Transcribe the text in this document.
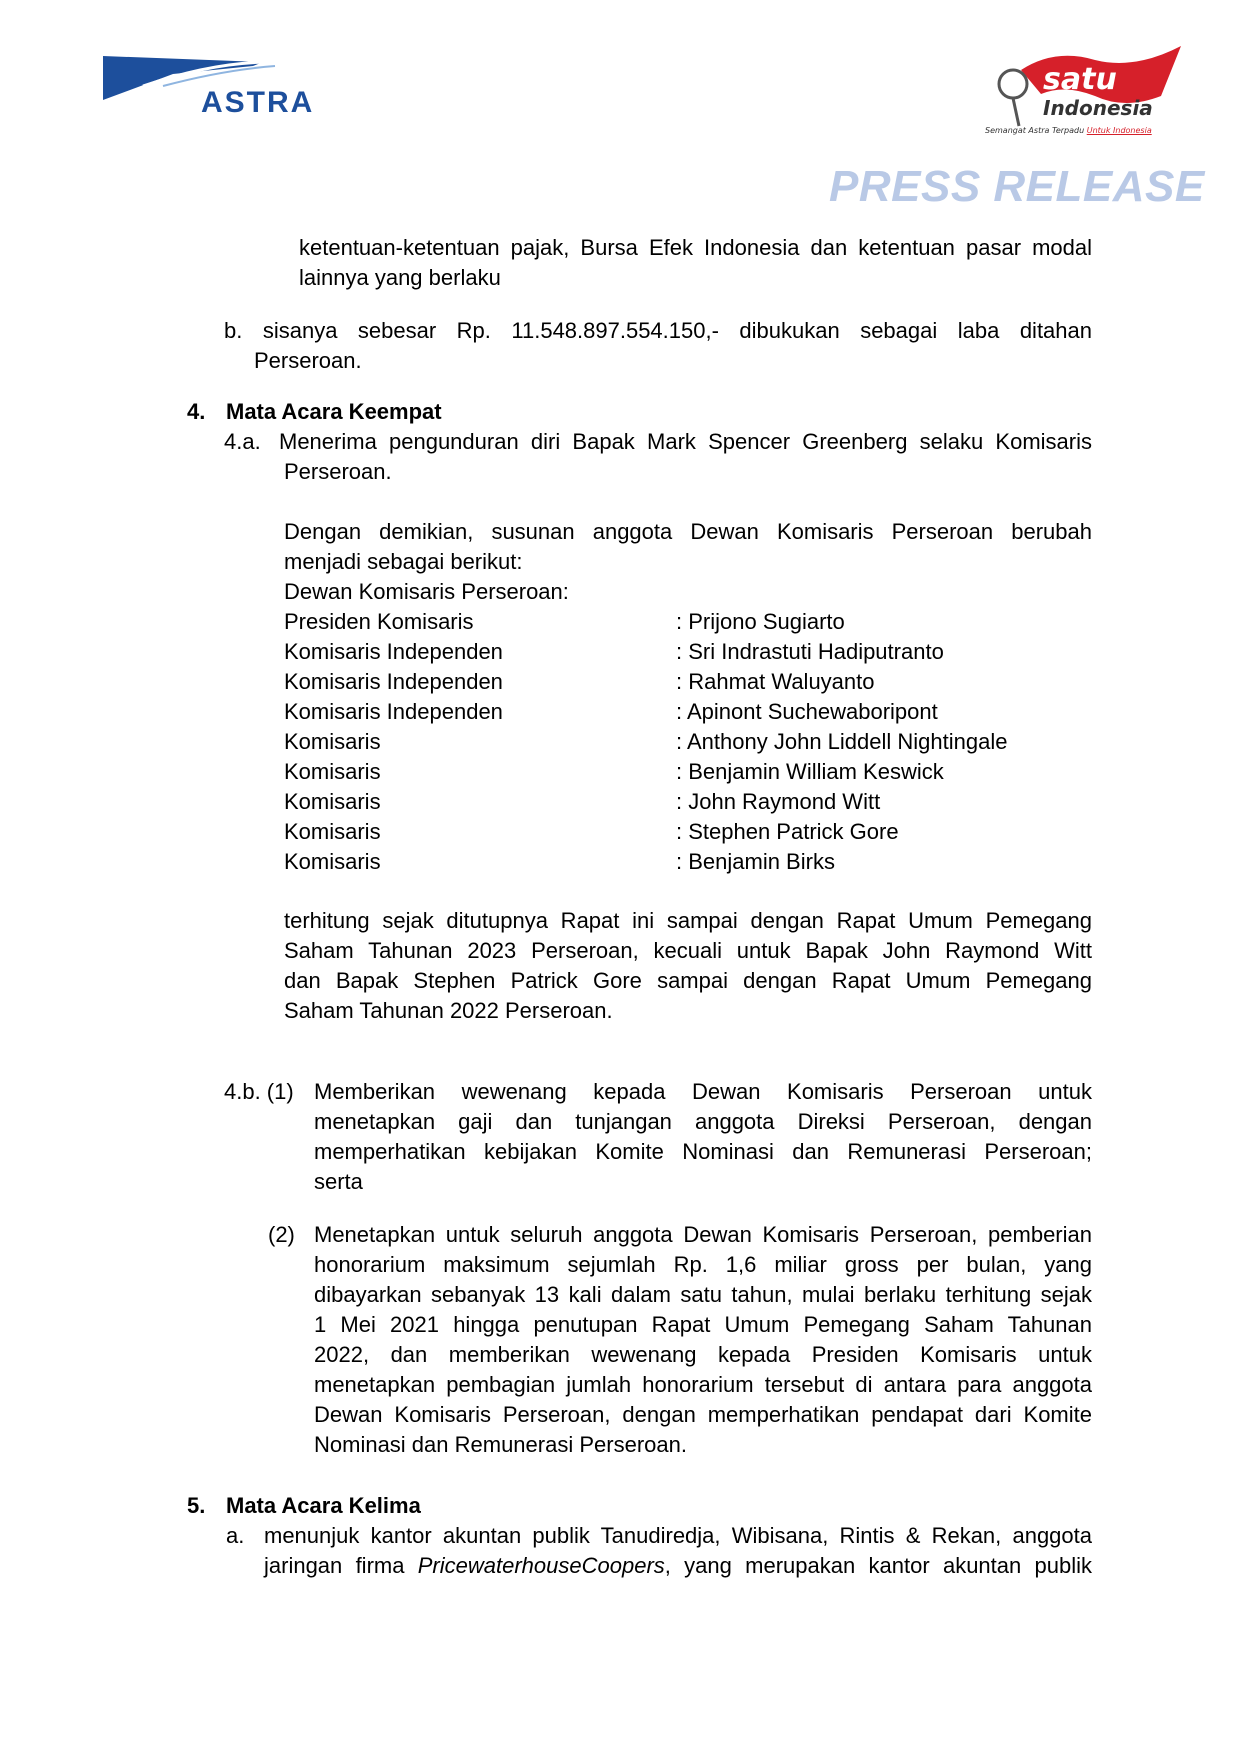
ASTRA
satu
Indonesia
Semangat Astra Terpadu Untuk Indonesia
PRESS RELEASE
ketentuan-ketentuan pajak, Bursa Efek Indonesia dan ketentuan pasar modal
lainnya yang berlaku
b. sisanya sebesar Rp. 11.548.897.554.150,- dibukukan sebagai laba ditahan
Perseroan.
4. Mata Acara Keempat
4.a. Menerima pengunduran diri Bapak Mark Spencer Greenberg selaku Komisaris
Perseroan.
Dengan demikian, susunan anggota Dewan Komisaris Perseroan berubah
menjadi sebagai berikut:
Dewan Komisaris Perseroan:
Presiden Komisaris	: Prijono Sugiarto
Komisaris Independen	: Sri Indrastuti Hadiputranto
Komisaris Independen	: Rahmat Waluyanto
Komisaris Independen	: Apinont Suchewaboripont
Komisaris	: Anthony John Liddell Nightingale
Komisaris	: Benjamin William Keswick
Komisaris	: John Raymond Witt
Komisaris	: Stephen Patrick Gore
Komisaris	: Benjamin Birks
terhitung sejak ditutupnya Rapat ini sampai dengan Rapat Umum Pemegang
Saham Tahunan 2023 Perseroan, kecuali untuk Bapak John Raymond Witt
dan Bapak Stephen Patrick Gore sampai dengan Rapat Umum Pemegang
Saham Tahunan 2022 Perseroan.
4.b. (1) Memberikan wewenang kepada Dewan Komisaris Perseroan untuk
menetapkan gaji dan tunjangan anggota Direksi Perseroan, dengan
memperhatikan kebijakan Komite Nominasi dan Remunerasi Perseroan;
serta
(2) Menetapkan untuk seluruh anggota Dewan Komisaris Perseroan, pemberian
honorarium maksimum sejumlah Rp. 1,6 miliar gross per bulan, yang
dibayarkan sebanyak 13 kali dalam satu tahun, mulai berlaku terhitung sejak
1 Mei 2021 hingga penutupan Rapat Umum Pemegang Saham Tahunan
2022, dan memberikan wewenang kepada Presiden Komisaris untuk
menetapkan pembagian jumlah honorarium tersebut di antara para anggota
Dewan Komisaris Perseroan, dengan memperhatikan pendapat dari Komite
Nominasi dan Remunerasi Perseroan.
5. Mata Acara Kelima
a. menunjuk kantor akuntan publik Tanudiredja, Wibisana, Rintis & Rekan, anggota
jaringan firma PricewaterhouseCoopers, yang merupakan kantor akuntan publik
